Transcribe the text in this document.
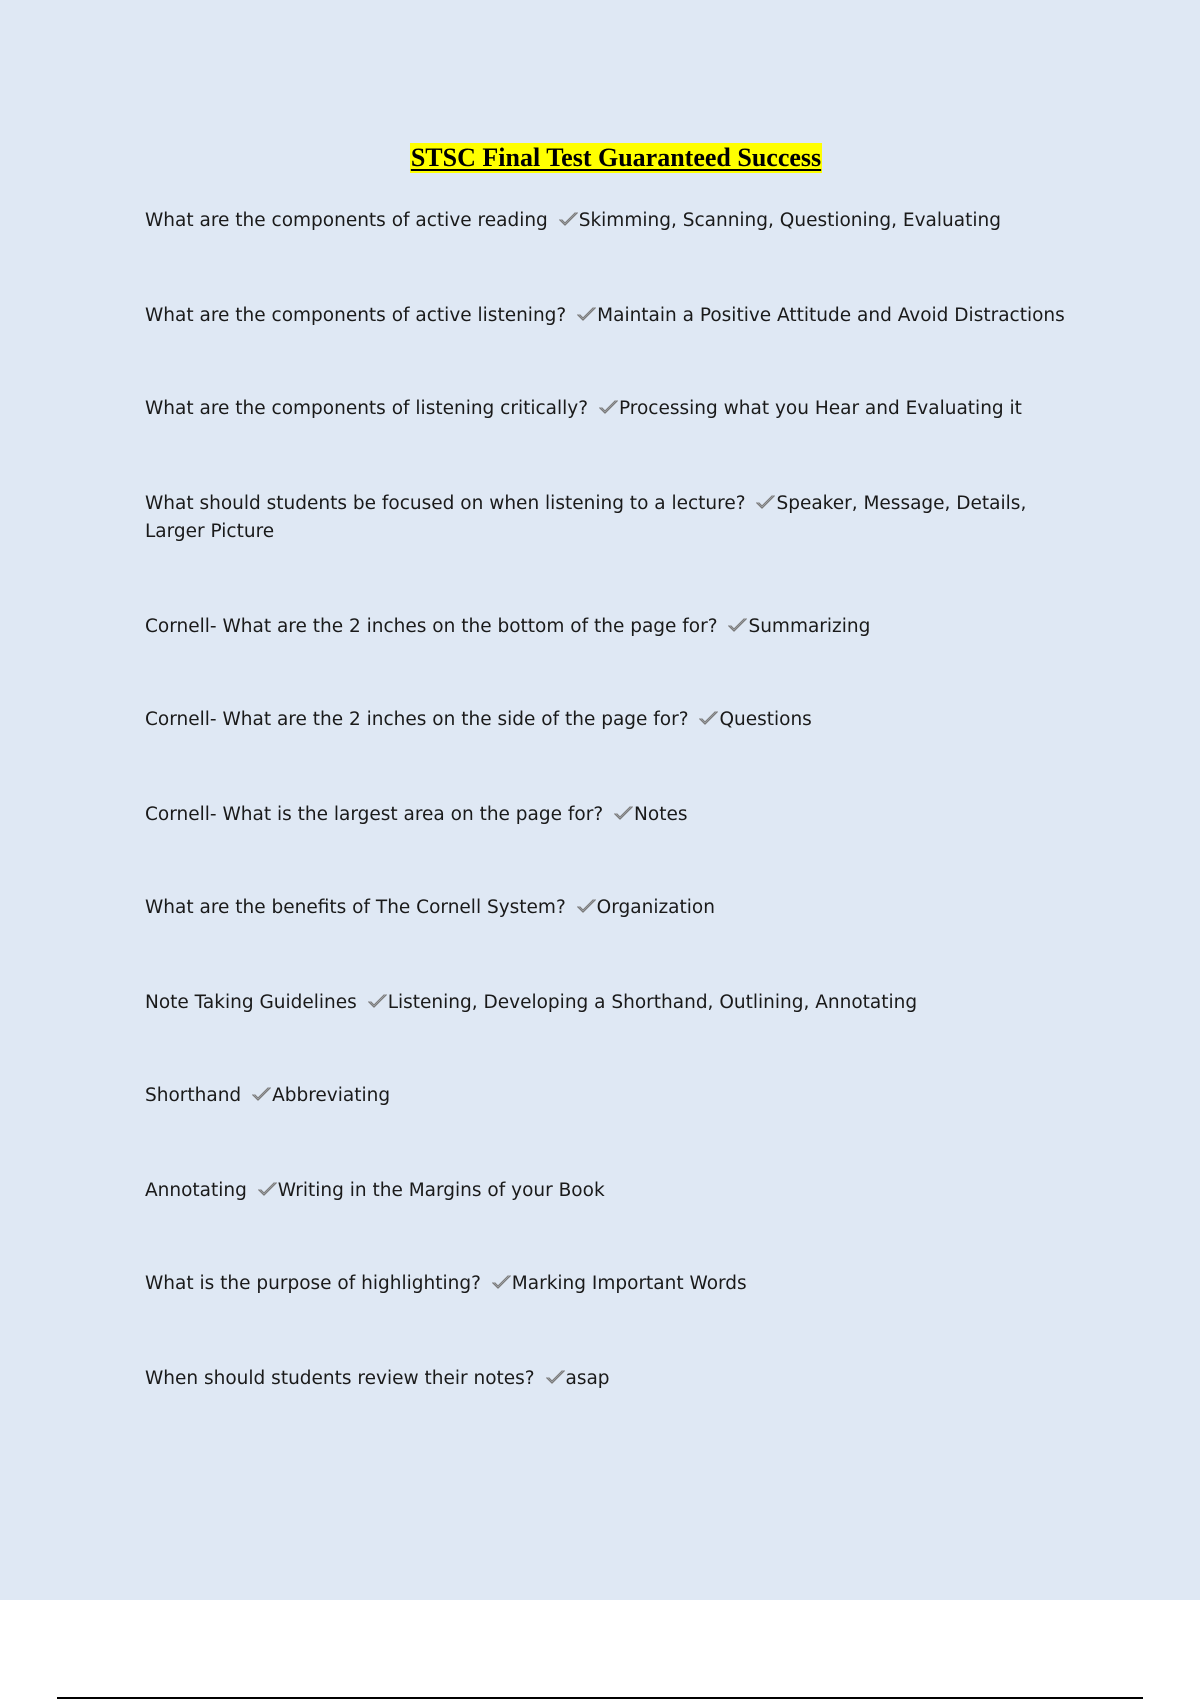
STSC Final Test Guaranteed Success
What are the components of active reading Skimming, Scanning, Questioning, Evaluating
What are the components of active listening? Maintain a Positive Attitude and Avoid Distractions
What are the components of listening critically? Processing what you Hear and Evaluating it
What should students be focused on when listening to a lecture? Speaker, Message, Details, Larger Picture
Cornell- What are the 2 inches on the bottom of the page for? Summarizing
Cornell- What are the 2 inches on the side of the page for? Questions
Cornell- What is the largest area on the page for? Notes
What are the benefits of The Cornell System? Organization
Note Taking Guidelines Listening, Developing a Shorthand, Outlining, Annotating
Shorthand Abbreviating
Annotating Writing in the Margins of your Book
What is the purpose of highlighting? Marking Important Words
When should students review their notes? asap
